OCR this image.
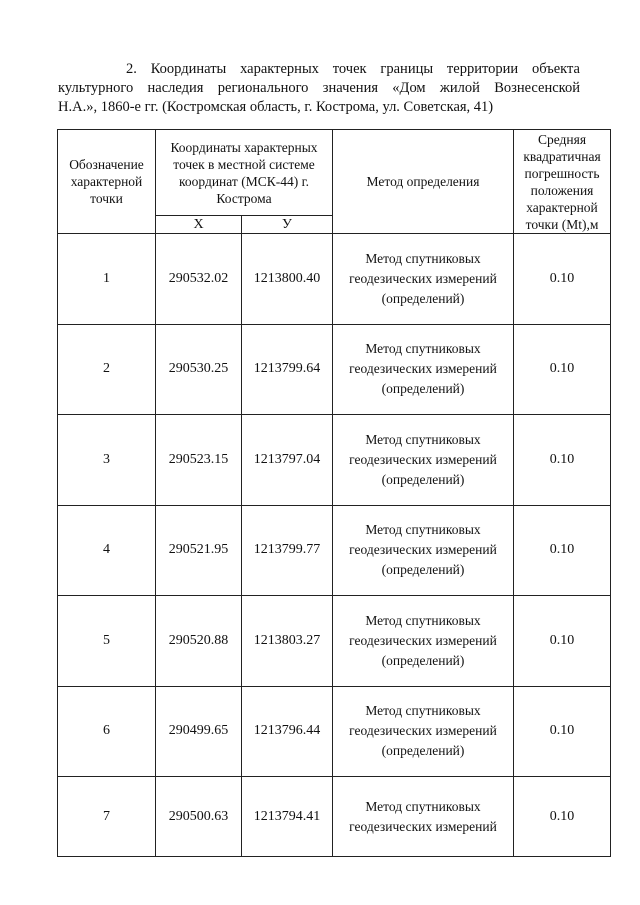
2. Координаты характерных точек границы территории объекта
культурного наследия регионального значения «Дом жилой Вознесенской
Н.А.», 1860-е гг. (Костромская область, г. Кострома, ул. Советская, 41)
Обозначение характерной точки	Координаты характерных точек в местной системе координат (МСК-44) г. Кострома		Метод определения	Средняя квадратичная погрешность положения характерной точки (Mt),м
	X	У		
1	290532.02	1213800.40	Метод спутниковых геодезических измерений (определений)	0.10
2	290530.25	1213799.64	Метод спутниковых геодезических измерений (определений)	0.10
3	290523.15	1213797.04	Метод спутниковых геодезических измерений (определений)	0.10
4	290521.95	1213799.77	Метод спутниковых геодезических измерений (определений)	0.10
5	290520.88	1213803.27	Метод спутниковых геодезических измерений (определений)	0.10
6	290499.65	1213796.44	Метод спутниковых геодезических измерений (определений)	0.10
7	290500.63	1213794.41	Метод спутниковых геодезических измерений	0.10
